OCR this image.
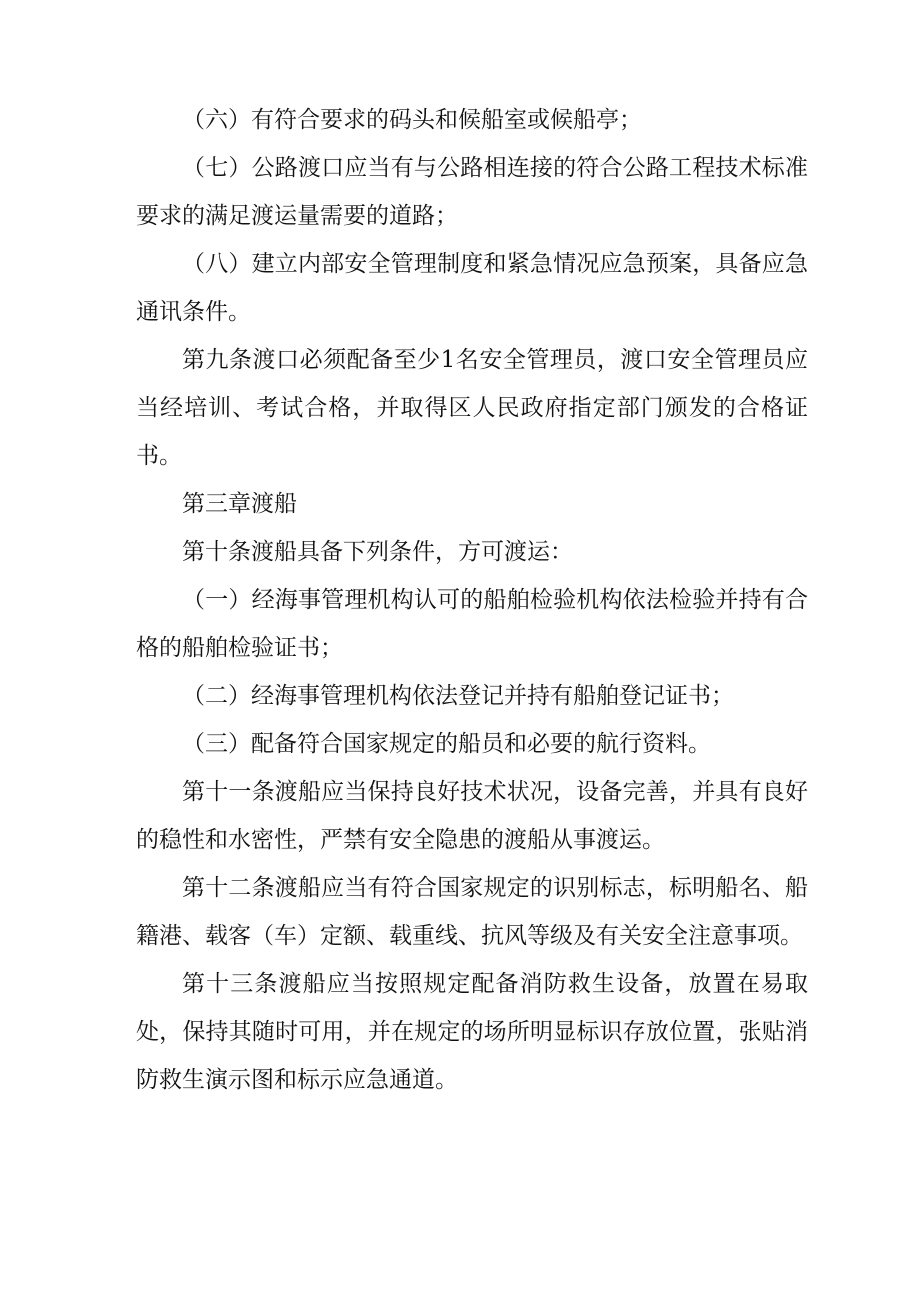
（六）有符合要求的码头和候船室或候船亭；

（七）公路渡口应当有与公路相连接的符合公路工程技术标准要求的满足渡运量需要的道路；

（八）建立内部安全管理制度和紧急情况应急预案，具备应急通讯条件。

第九条渡口必须配备至少1名安全管理员，渡口安全管理员应当经培训、考试合格，并取得区人民政府指定部门颁发的合格证书。

第三章渡船

第十条渡船具备下列条件，方可渡运：

（一）经海事管理机构认可的船舶检验机构依法检验并持有合格的船舶检验证书；

（二）经海事管理机构依法登记并持有船舶登记证书；

（三）配备符合国家规定的船员和必要的航行资料。

第十一条渡船应当保持良好技术状况，设备完善，并具有良好的稳性和水密性，严禁有安全隐患的渡船从事渡运。

第十二条渡船应当有符合国家规定的识别标志，标明船名、船籍港、载客（车）定额、载重线、抗风等级及有关安全注意事项。

第十三条渡船应当按照规定配备消防救生设备，放置在易取处，保持其随时可用，并在规定的场所明显标识存放位置，张贴消防救生演示图和标示应急通道。
